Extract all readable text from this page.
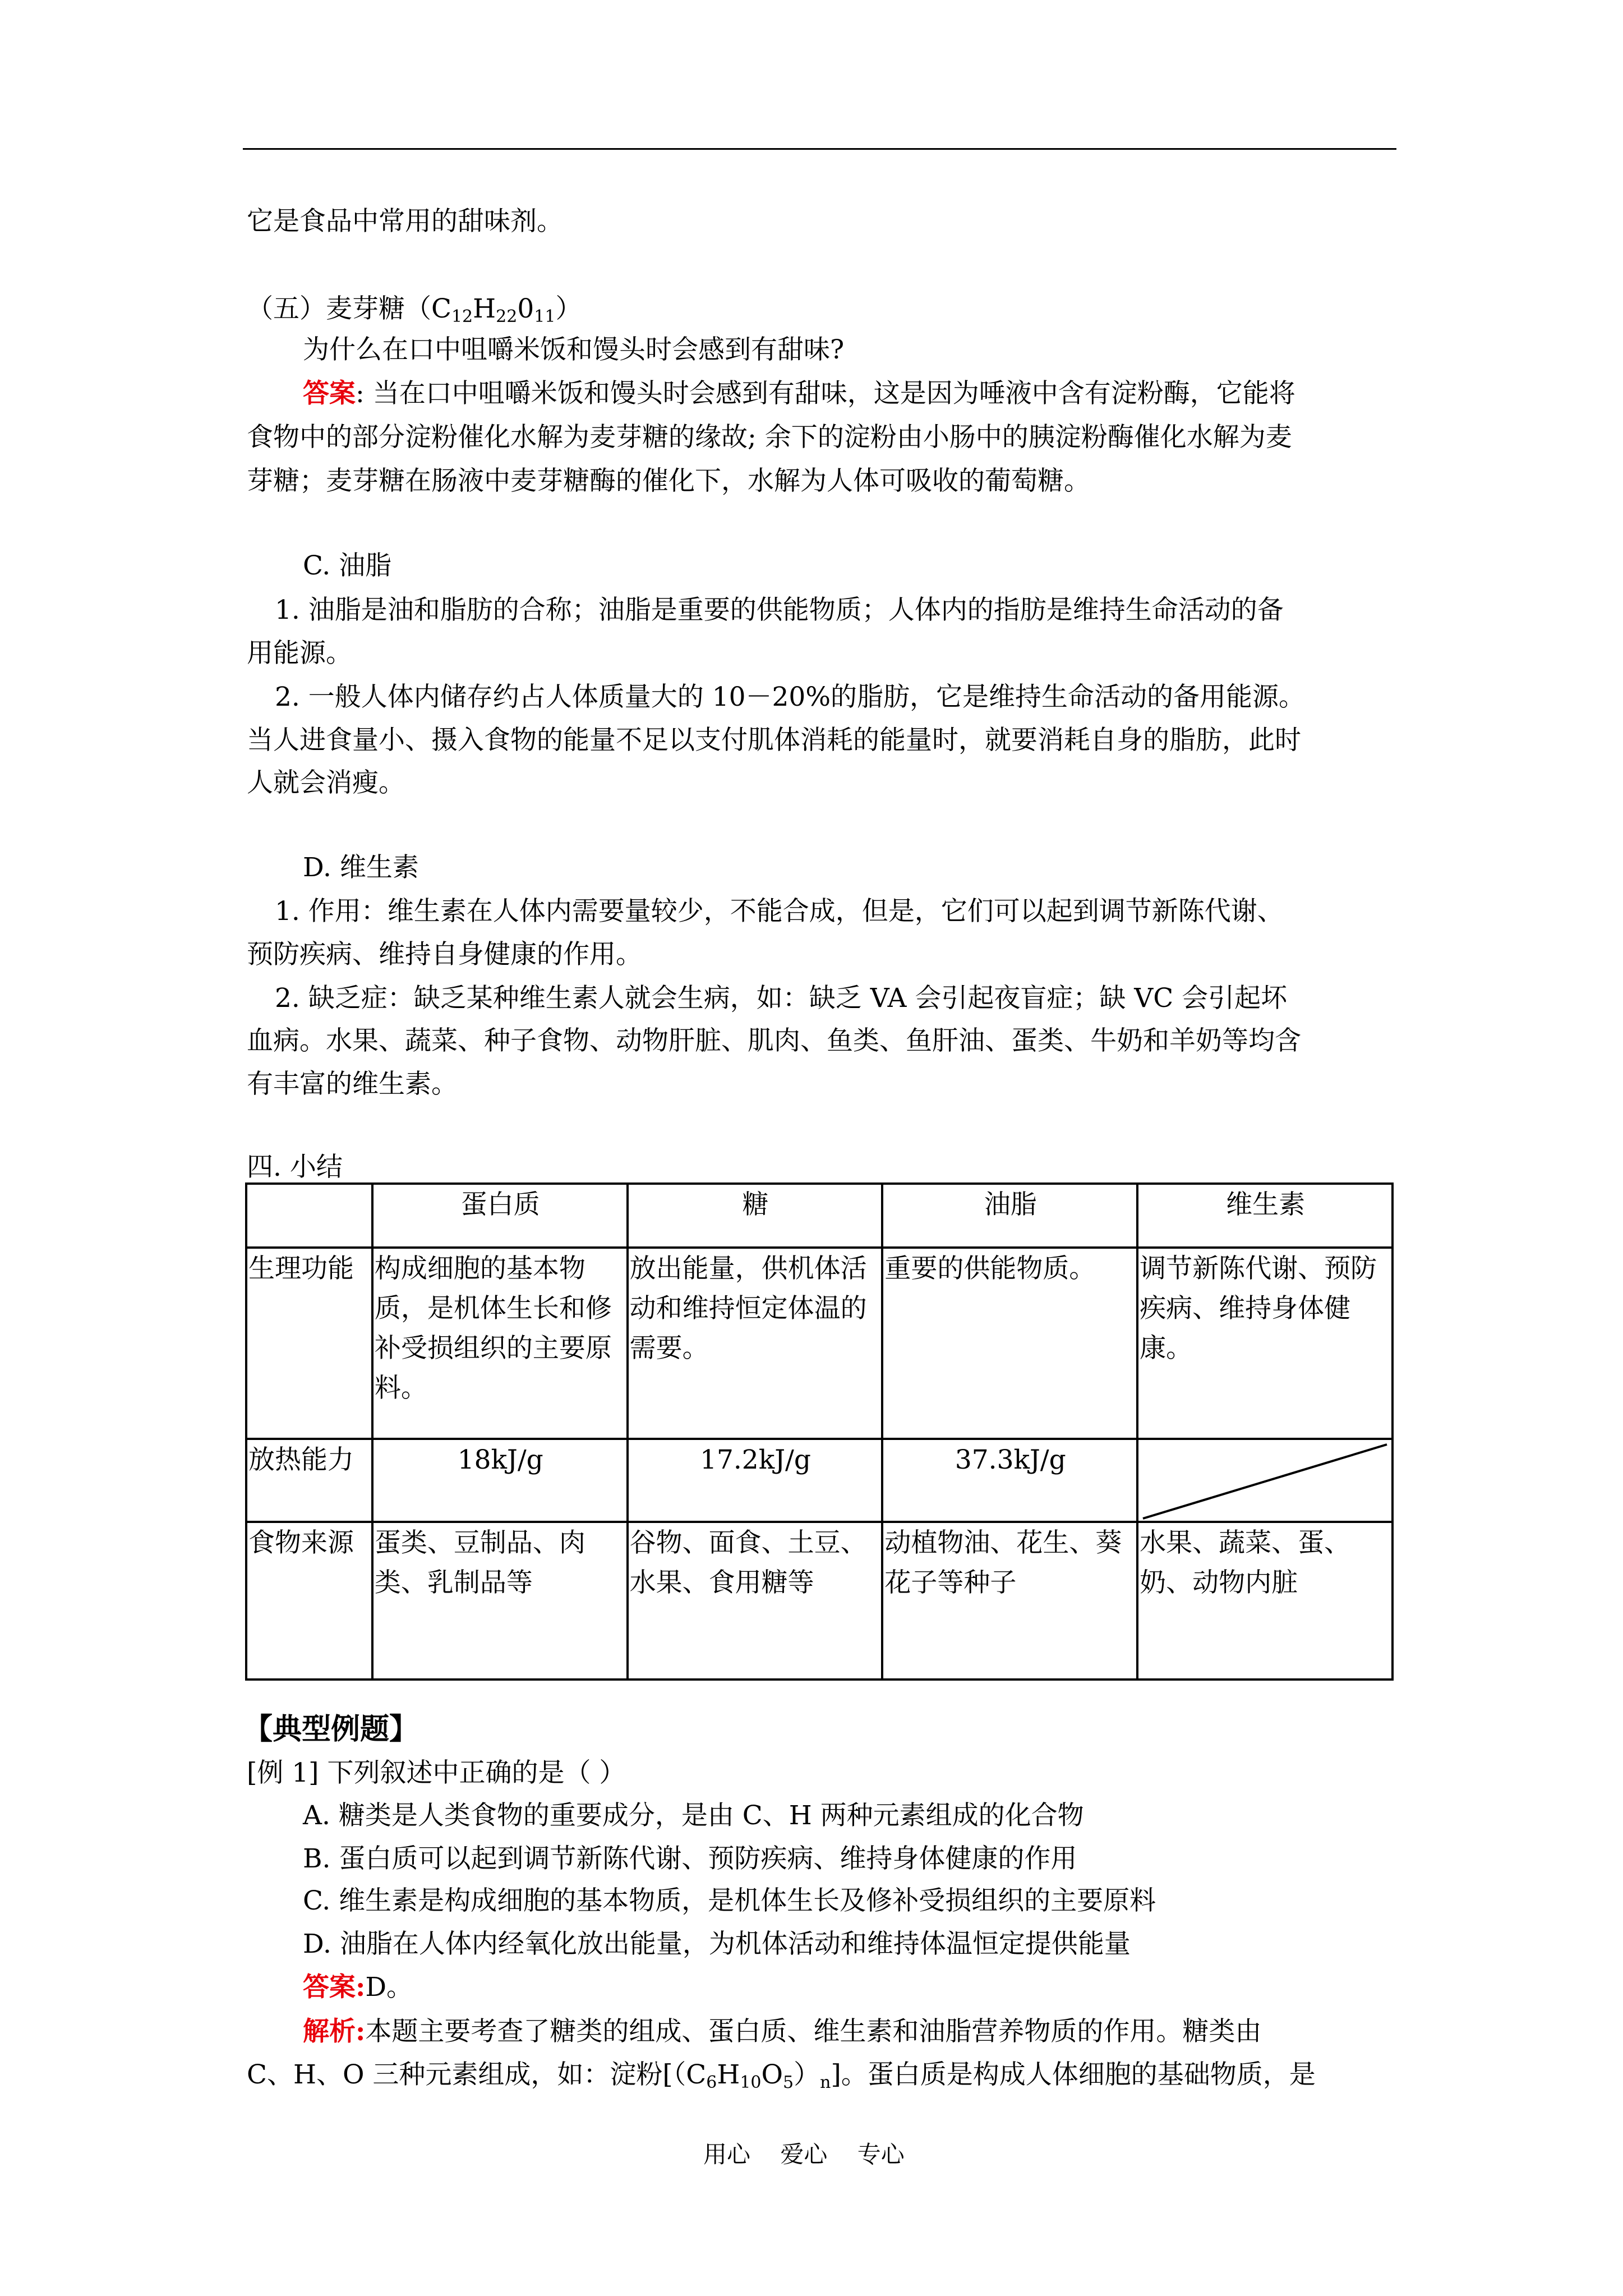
它是食品中常用的甜味剂。
（五）麦芽糖$(C_{12}H_{22}0_{11})$
为什么在口中咀嚼米饭和馒头时会感到有甜味?
答案: 当在口中咀嚼米饭和馒头时会感到有甜味，这是因为唾液中含有淀粉酶，它能将
食物中的部分淀粉催化水解为麦芽糖的缘故; 余下的淀粉由小肠中的胰淀粉酶催化水解为麦
芽糖；麦芽糖在肠液中麦芽糖酶的催化下，水解为人体可吸收的葡萄糖。
C. 油脂
1. 油脂是油和脂肪的合称；油脂是重要的供能物质；人体内的指肪是维持生命活动的备
用能源。
2. 一般人体内储存约占人体质量大的 10－20%的脂肪，它是维持生命活动的备用能源。
当人进食量小、摄入食物的能量不足以支付肌体消耗的能量时，就要消耗自身的脂肪，此时
人就会消瘦。
D. 维生素
1. 作用：维生素在人体内需要量较少，不能合成，但是，它们可以起到调节新陈代谢、
预防疾病、维持自身健康的作用。
2. 缺乏症：缺乏某种维生素人就会生病，如：缺乏 VA 会引起夜盲症；缺 VC 会引起坏
血病。水果、蔬菜、种子食物、动物肝脏、肌肉、鱼类、鱼肝油、蛋类、牛奶和羊奶等均含
有丰富的维生素。
四. 小结
	蛋白质	糖	油脂	维生素
生理功能	构成细胞的基本物质，是机体生长和修补受损组织的主要原料。	放出能量，供机体活动和维持恒定体温的需要。	重要的供能物质。	调节新陈代谢、预防疾病、维持身体健康。
放热能力	18kJ/g	17.2kJ/g	37.3kJ/g	

食物来源	蛋类、豆制品、肉类、乳制品等	谷物、面食、土豆、水果、食用糖等	动植物油、花生、葵花子等种子	水果、蔬菜、蛋、奶、动物内脏
【典型例题】
[例 1] 下列叙述中正确的是（ ）
A. 糖类是人类食物的重要成分，是由 C、H 两种元素组成的化合物
B. 蛋白质可以起到调节新陈代谢、预防疾病、维持身体健康的作用
C. 维生素是构成细胞的基本物质，是机体生长及修补受损组织的主要原料
D. 油脂在人体内经氧化放出能量，为机体活动和维持体温恒定提供能量
答案:D。
解析:本题主要考查了糖类的组成、蛋白质、维生素和油脂营养物质的作用。糖类由
C、H、O 三种元素组成，如：淀粉$[(C_6H_{10}O_5)_n]$。蛋白质是构成人体细胞的基础物质，是
用心    爱心    专心
